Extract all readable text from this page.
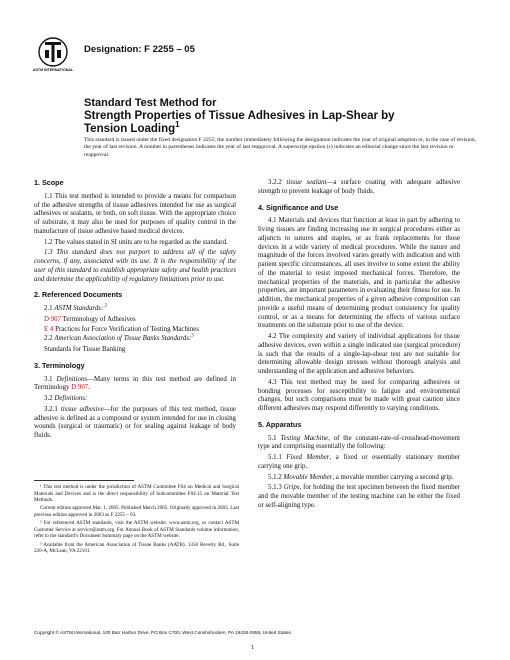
ASTM INTERNATIONAL
Designation: F 2255 – 05
Standard Test Method for
Strength Properties of Tissue Adhesives in Lap-Shear by
Tension Loading$^1$
This standard is issued under the fixed designation F 2255; the number immediately following the designation indicates the year of original adoption or, in the case of revision, the year of last revision. A number in parentheses indicates the year of last reapproval. A superscript epsilon (ε) indicates an editorial change since the last revision or reapproval.
1. Scope

1.1 This test method is intended to provide a means for comparison of the adhesive strengths of tissue adhesives intended for use as surgical adhesives or sealants, or both, on soft tissue. With the appropriate choice of substrate, it may also be used for purposes of quality control in the manufacture of tissue adhesive based medical devices.

1.2 The values stated in SI units are to be regarded as the standard.

1.3 This standard does not purport to address all of the safety concerns, if any, associated with its use. It is the responsibility of the user of this standard to establish appropriate safety and health practices and determine the applicability of regulatory limitations prior to use.

2. Referenced Documents

2.1 ASTM Standards: $^2$

D 907 Terminology of Adhesives

E 4 Practices for Force Verification of Testing Machines

2.2 American Association of Tissue Banks Standards:$^3$

Standards for Tissue Banking

3. Terminology

3.1 Definitions—Many terms in this test method are defined in Terminology D 907.

3.2 Definitions:

3.2.1 tissue adhesive—for the purposes of this test method, tissue adhesive is defined as a compound or system intended for use in closing wounds (surgical or traumatic) or for sealing against leakage of body fluids.

¹ This test method is under the jurisdiction of ASTM Committee F04 on Medical and Surgical Materials and Devices and is the direct responsibility of Subcommittee F04.15 on Material Test Methods.

Current edition approved Mar. 1, 2005. Published March 2005. Originally approved in 2003. Last previous edition approved in 2003 as F 2255 – 03.

² For referenced ASTM standards, visit the ASTM website, www.astm.org, or contact ASTM Customer Service at service@astm.org. For Annual Book of ASTM Standards volume information, refer to the standard’s Document Summary page on the ASTM website.

³ Available from the American Association of Tissue Banks (AATB), 1350 Beverly Rd., Suite 220-A, McLean, VA 22101.

3.2.2 tissue sealant—a surface coating with adequate adhesive strength to prevent leakage of body fluids.

4. Significance and Use

4.1 Materials and devices that function at least in part by adhering to living tissues are finding increasing use in surgical procedures either as adjuncts to sutures and staples, or as frank replacements for those devices in a wide variety of medical procedures. While the nature and magnitude of the forces involved varies greatly with indication and with patient specific circumstances, all uses involve to some extent the ability of the material to resist imposed mechanical forces. Therefore, the mechanical properties of the materials, and in particular the adhesive properties, are important parameters in evaluating their fitness for use. In addition, the mechanical properties of a given adhesive composition can provide a useful means of determining product consistency for quality control, or as a means for determining the effects of various surface treatments on the substrate prior to use of the device.

4.2 The complexity and variety of individual applications for tissue adhesive devices, even within a single indicated use (surgical procedure) is such that the results of a single-lap-shear test are not suitable for determining allowable design stresses without thorough analysis and understanding of the application and adhesive behaviors.

4.3 This test method may be used for comparing adhesives or bonding processes for susceptibility to fatigue and environmental changes, but such comparisons must be made with great caution since different adhesives may respond differently to varying conditions.

5. Apparatus

5.1 Testing Machine, of the constant-rate-of-crosshead-movement type and comprising essentially the following:

5.1.1 Fixed Member, a fixed or essentially stationary member carrying one grip.

5.1.2 Movable Member, a movable member carrying a second grip.

5.1.3 Grips, for holding the test specimen between the fixed member and the movable member of the testing machine can be either the fixed or self-aligning type.

Copyright © ASTM International, 100 Barr Harbor Drive, PO Box C700, West Conshohocken, PA 19428-2959, United States.
1
